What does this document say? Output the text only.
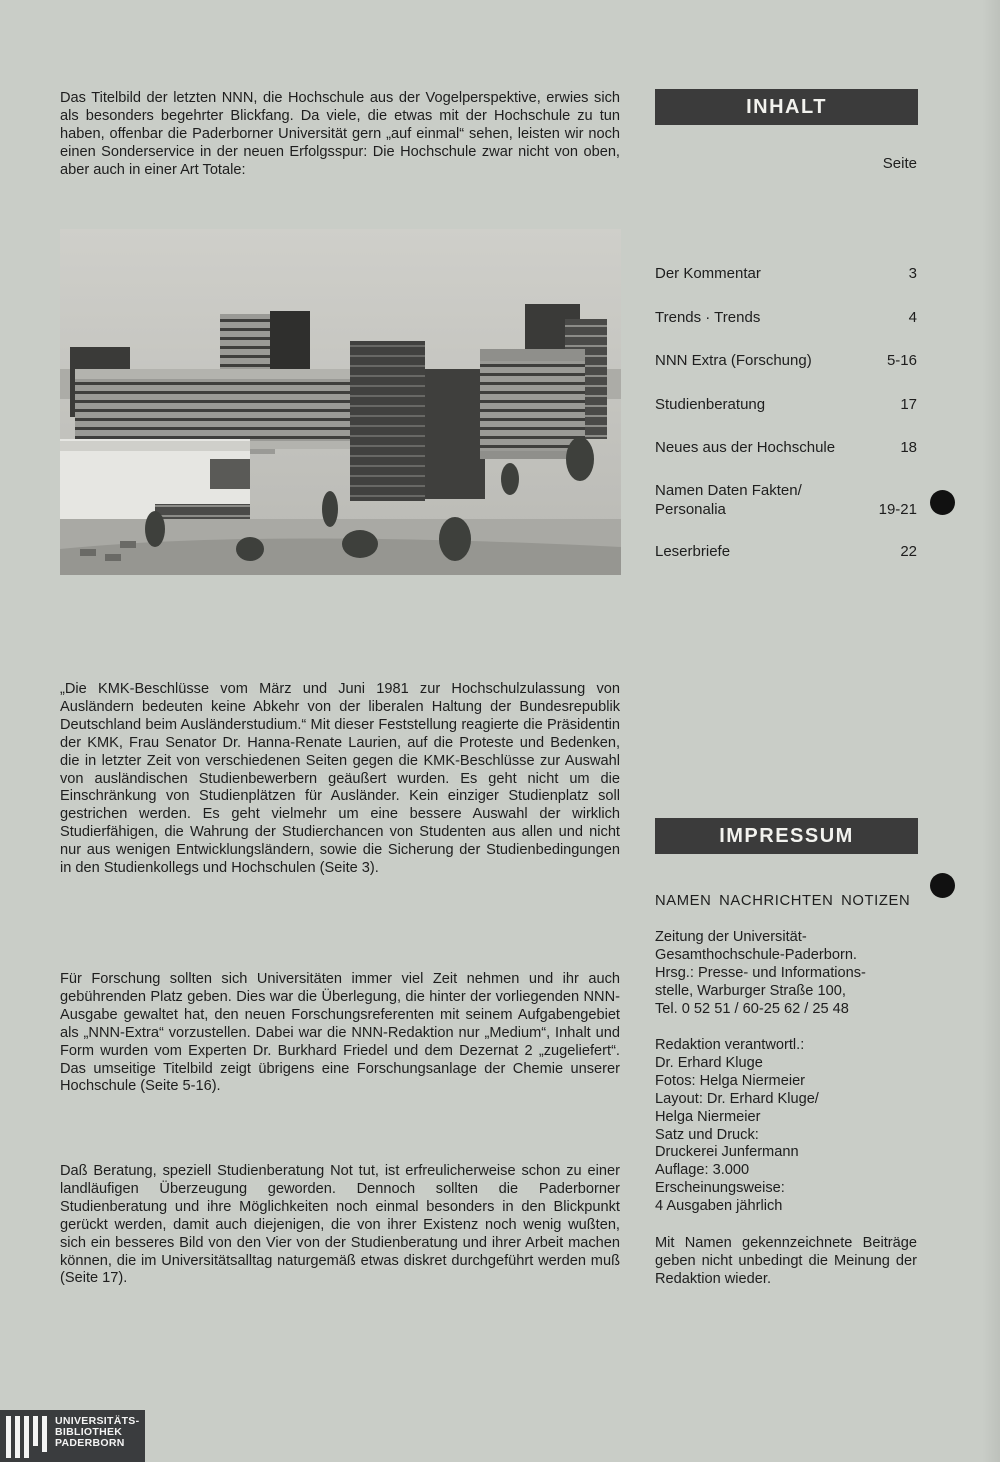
Das Titelbild der letzten NNN, die Hochschule aus der Vogelperspektive, erwies sich als besonders begehrter Blickfang. Da viele, die etwas mit der Hochschule zu tun haben, offenbar die Paderborner Universität gern „auf einmal“ sehen, leisten wir noch einen Sonderservice in der neuen Erfolgsspur: Die Hochschule zwar nicht von oben, aber auch in einer Art Totale:

„Die KMK-Beschlüsse vom März und Juni 1981 zur Hochschulzulassung von Ausländern bedeuten keine Abkehr von der liberalen Haltung der Bundesrepublik Deutschland beim Ausländerstudium.“ Mit dieser Feststellung reagierte die Präsidentin der KMK, Frau Senator Dr. Hanna-Renate Laurien, auf die Proteste und Bedenken, die in letzter Zeit von verschiedenen Seiten gegen die KMK-Beschlüsse zur Auswahl von ausländischen Studienbewerbern geäußert wurden. Es geht nicht um die Einschränkung von Studienplätzen für Ausländer. Kein einziger Studienplatz soll gestrichen werden. Es geht vielmehr um eine bessere Auswahl der wirklich Studierfähigen, die Wahrung der Studierchancen von Studenten aus allen und nicht nur aus wenigen Entwicklungsländern, sowie die Sicherung der Studienbedingungen in den Studienkollegs und Hochschulen (Seite 3).

Für Forschung sollten sich Universitäten immer viel Zeit nehmen und ihr auch gebührenden Platz geben. Dies war die Überlegung, die hinter der vorliegenden NNN-Ausgabe gewaltet hat, den neuen Forschungsreferenten mit seinem Aufgabengebiet als „NNN-Extra“ vorzustellen. Dabei war die NNN-Redaktion nur „Medium“, Inhalt und Form wurden vom Experten Dr. Burkhard Friedel und dem Dezernat 2 „zugeliefert“. Das umseitige Titelbild zeigt übrigens eine Forschungsanlage der Chemie unserer Hochschule (Seite 5-16).

Daß Beratung, speziell Studienberatung Not tut, ist erfreulicherweise schon zu einer landläufigen Überzeugung geworden. Dennoch sollten die Paderborner Studienberatung und ihre Möglichkeiten noch einmal besonders in den Blickpunkt gerückt werden, damit auch diejenigen, die von ihrer Existenz noch wenig wußten, sich ein besseres Bild von den Vier von der Studienberatung und ihrer Arbeit machen können, die im Universitätsalltag naturgemäß etwas diskret durchgeführt werden muß (Seite 17).

INHALT
Seite
Der Kommentar	3
Trends · Trends	4
NNN Extra (Forschung)	5-16
Studienberatung	17
Neues aus der Hochschule	18
Namen Daten Fakten/ Personalia	19-21
Leserbriefe	22
IMPRESSUM
NAMEN NACHRICHTEN NOTIZEN

Zeitung der Universität-
Gesamthochschule-Paderborn.
Hrsg.: Presse- und Informations-
stelle, Warburger Straße 100,
Tel. 0 52 51 / 60-25 62 / 25 48

Redaktion verantwortl.:
Dr. Erhard Kluge
Fotos: Helga Niermeier
Layout: Dr. Erhard Kluge/
Helga Niermeier
Satz und Druck:
Druckerei Junfermann
Auflage: 3.000
Erscheinungsweise:
4 Ausgaben jährlich

Mit Namen gekennzeichnete Beiträge geben nicht unbedingt die Meinung der Redaktion wieder.

UNIVERSITÄTS-
BIBLIOTHEK
PADERBORN
